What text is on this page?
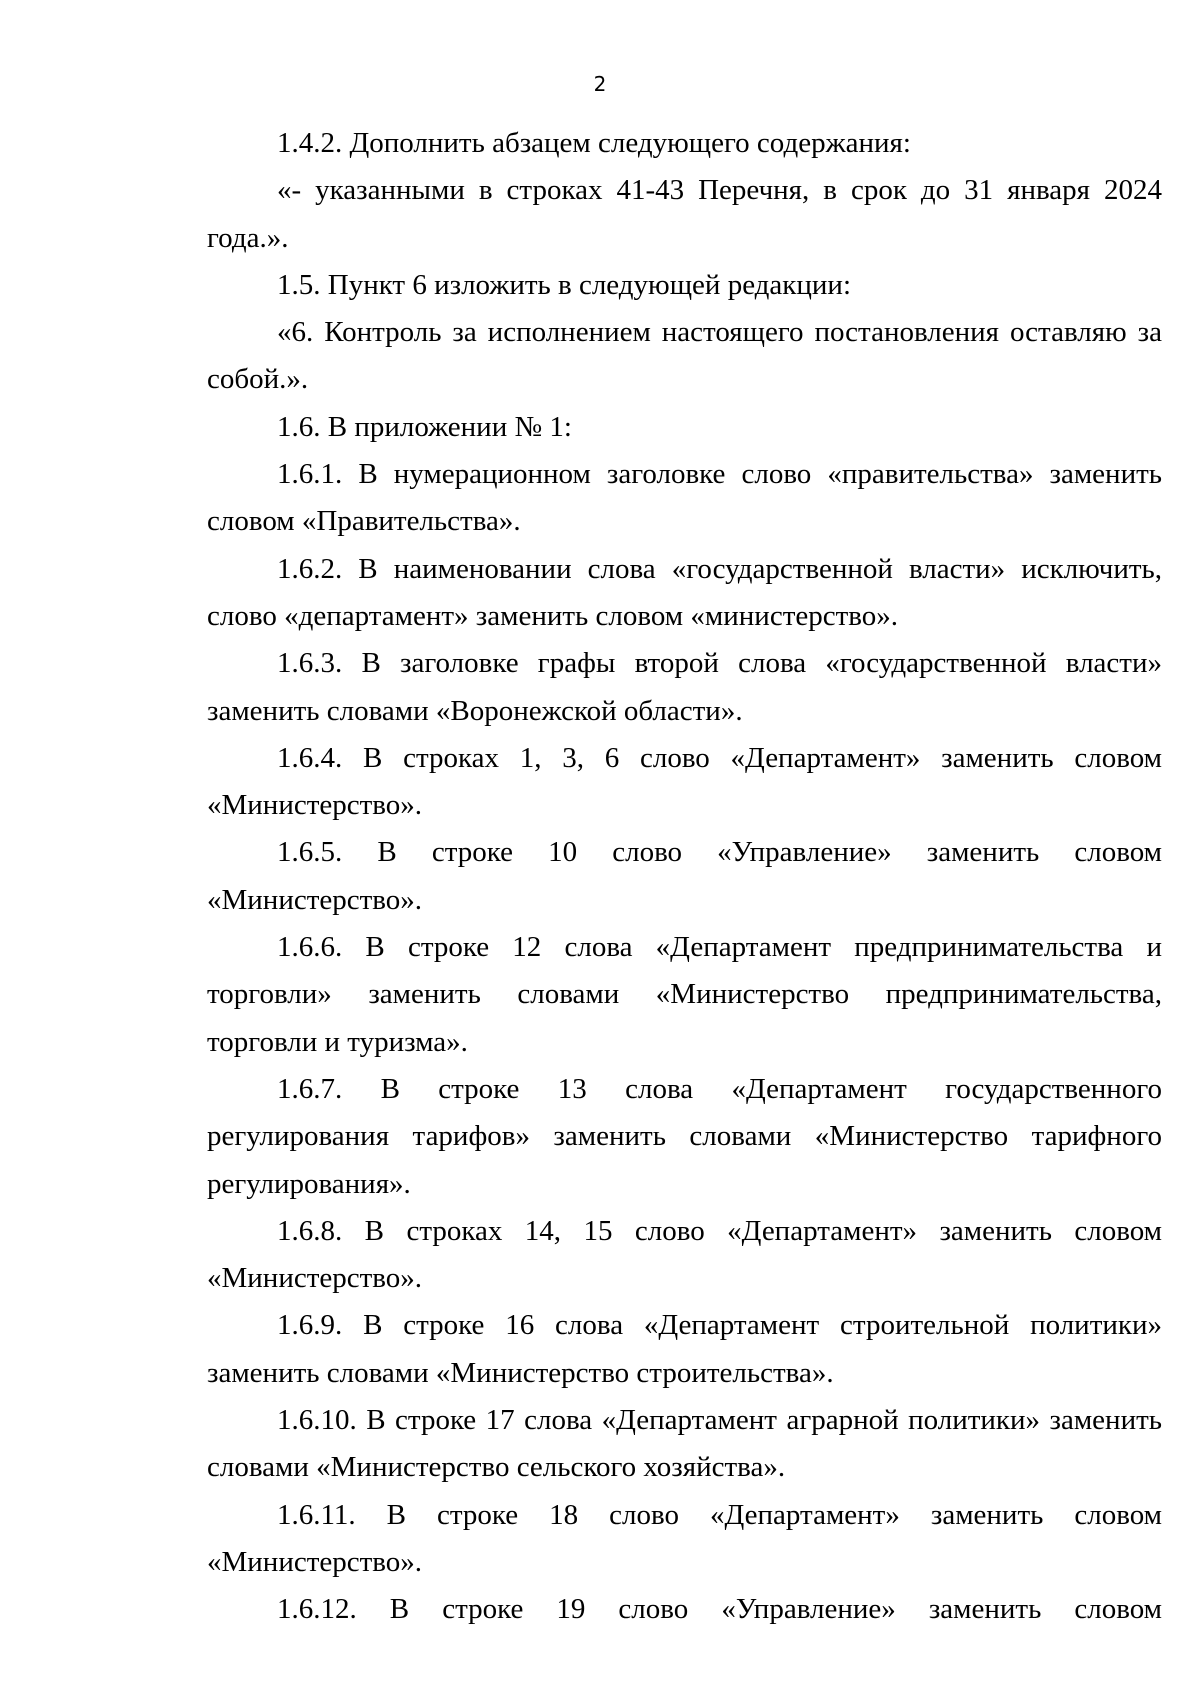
2

1.4.2. Дополнить абзацем следующего содержания:

«- указанными в строках 41-43 Перечня, в срок до 31 января 2024 года.».

1.5. Пункт 6 изложить в следующей редакции:

«6. Контроль за исполнением настоящего постановления оставляю за собой.».

1.6. В приложении № 1:

1.6.1. В нумерационном заголовке слово «правительства» заменить словом «Правительства».

1.6.2. В наименовании слова «государственной власти» исключить, слово «департамент» заменить словом «министерство».

1.6.3. В заголовке графы второй слова «государственной власти» заменить словами «Воронежской области».

1.6.4. В строках 1, 3, 6 слово «Департамент» заменить словом «Министерство».

1.6.5. В строке 10 слово «Управление» заменить словом «Министерство».

1.6.6. В строке 12 слова «Департамент предпринимательства и торговли» заменить словами «Министерство предпринимательства, торговли и туризма».

1.6.7. В строке 13 слова «Департамент государственного регулирования тарифов» заменить словами «Министерство тарифного регулирования».

1.6.8. В строках 14, 15 слово «Департамент» заменить словом «Министерство».

1.6.9. В строке 16 слова «Департамент строительной политики» заменить словами «Министерство строительства».

1.6.10. В строке 17 слова «Департамент аграрной политики» заменить словами «Министерство сельского хозяйства».

1.6.11. В строке 18 слово «Департамент» заменить словом «Министерство».

1.6.12. В строке 19 слово «Управление» заменить словом
